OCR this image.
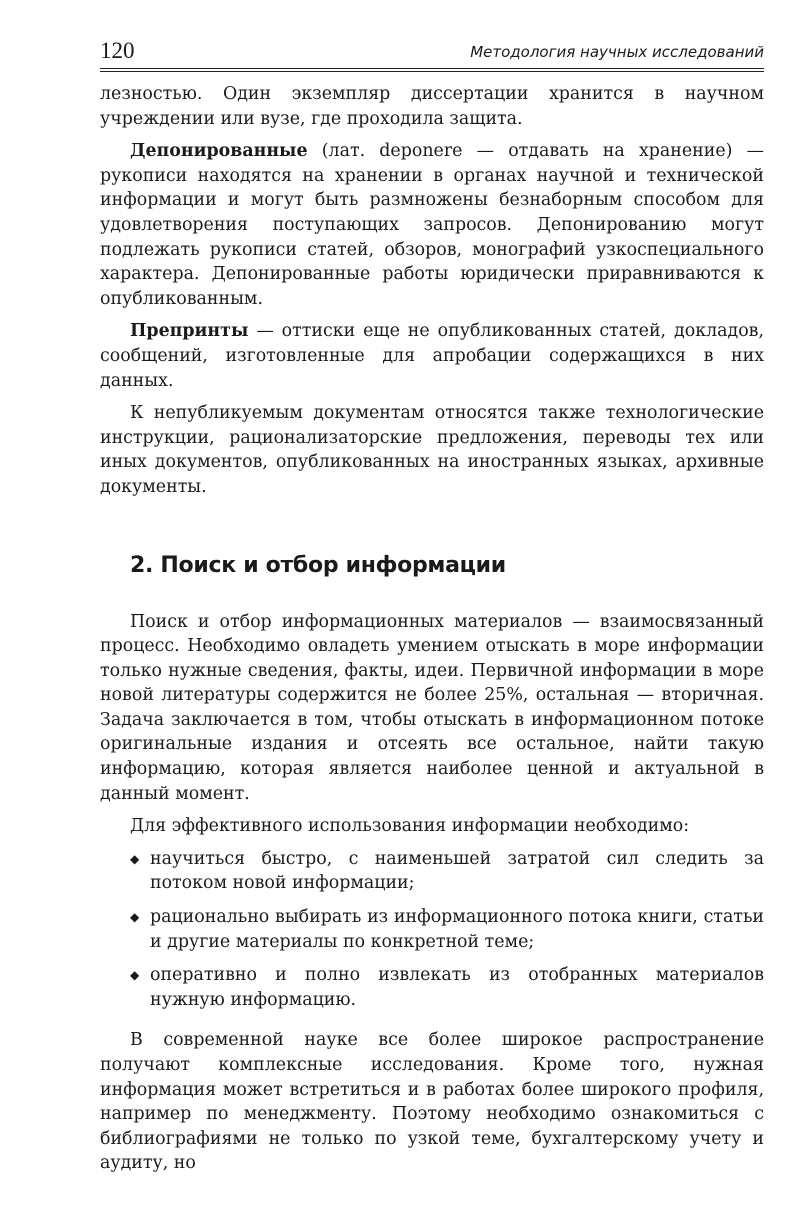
120	Методология научных исследований

лезностью. Один экземпляр диссертации хранится в научном учреждении или вузе, где проходила защита.

Депонированные (лат. deponere — отдавать на хранение) — рукописи находятся на хранении в органах научной и технической информации и могут быть размножены безнаборным способом для удовлетворения поступающих запросов. Депонированию могут подлежать рукописи статей, обзоров, монографий узкоспециального характера. Депонированные работы юридически приравниваются к опубликованным.

Препринты — оттиски еще не опубликованных статей, докладов, сообщений, изготовленные для апробации содержащихся в них данных.

К непубликуемым документам относятся также технологические инструкции, рационализаторские предложения, переводы тех или иных документов, опубликованных на иностранных языках, архивные документы.

2. Поиск и отбор информации

Поиск и отбор информационных материалов — взаимосвязанный процесс. Необходимо овладеть умением отыскать в море информации только нужные сведения, факты, идеи. Первичной информации в море новой литературы содержится не более 25%, остальная — вторичная. Задача заключается в том, чтобы отыскать в информационном потоке оригинальные издания и отсеять все остальное, найти такую информацию, которая является наиболее ценной и актуальной в данный момент.

Для эффективного использования информации необходимо:

◆ научиться быстро, с наименьшей затратой сил следить за потоком новой информации;
◆ рационально выбирать из информационного потока книги, статьи и другие материалы по конкретной теме;
◆ оперативно и полно извлекать из отобранных материалов нужную информацию.

В современной науке все более широкое распространение получают комплексные исследования. Кроме того, нужная информация может встретиться и в работах более широкого профиля, например по менеджменту. Поэтому необходимо ознакомиться с библиографиями не только по узкой теме, бухгалтерскому учету и аудиту, но
